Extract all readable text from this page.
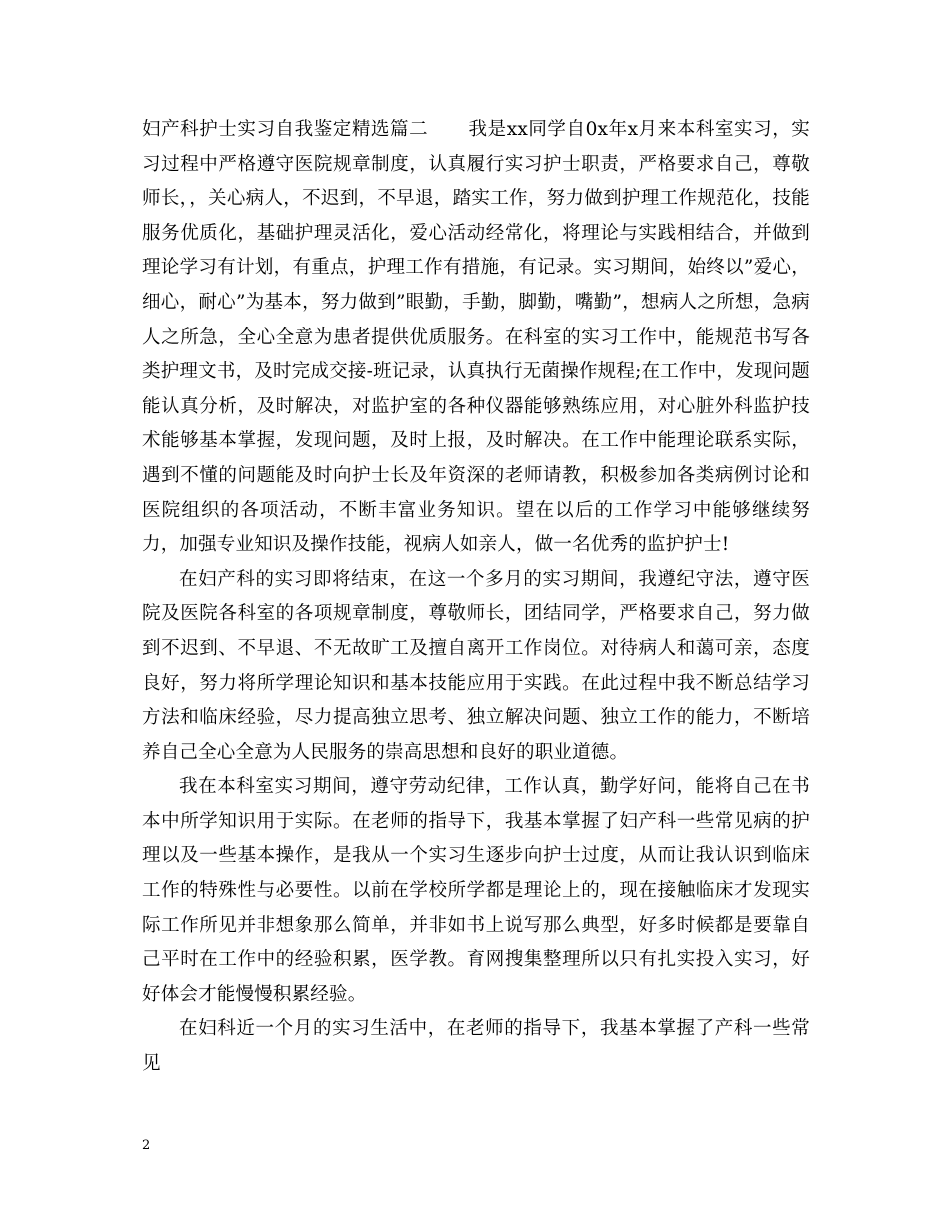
妇产科护士实习自我鉴定精选篇二 我是xx同学自0x年x月来本科室实习，实习过程中严格遵守医院规章制度，认真履行实习护士职责，严格要求自己，尊敬师长，，关心病人，不迟到，不早退，踏实工作，努力做到护理工作规范化，技能服务优质化，基础护理灵活化，爱心活动经常化，将理论与实践相结合，并做到理论学习有计划，有重点，护理工作有措施，有记录。实习期间，始终以”爱心，细心，耐心”为基本，努力做到”眼勤，手勤，脚勤，嘴勤”，想病人之所想，急病人之所急，全心全意为患者提供优质服务。在科室的实习工作中，能规范书写各类护理文书，及时完成交接-班记录，认真执行无菌操作规程;在工作中，发现问题能认真分析，及时解决，对监护室的各种仪器能够熟练应用，对心脏外科监护技术能够基本掌握，发现问题，及时上报，及时解决。在工作中能理论联系实际，遇到不懂的问题能及时向护士长及年资深的老师请教，积极参加各类病例讨论和医院组织的各项活动，不断丰富业务知识。望在以后的工作学习中能够继续努力，加强专业知识及操作技能，视病人如亲人，做一名优秀的监护护士!

在妇产科的实习即将结束，在这一个多月的实习期间，我遵纪守法，遵守医院及医院各科室的各项规章制度，尊敬师长，团结同学，严格要求自己，努力做到不迟到、不早退、不无故旷工及擅自离开工作岗位。对待病人和蔼可亲，态度良好，努力将所学理论知识和基本技能应用于实践。在此过程中我不断总结学习方法和临床经验，尽力提高独立思考、独立解决问题、独立工作的能力，不断培养自己全心全意为人民服务的崇高思想和良好的职业道德。

我在本科室实习期间，遵守劳动纪律，工作认真，勤学好问，能将自己在书本中所学知识用于实际。在老师的指导下，我基本掌握了妇产科一些常见病的护理以及一些基本操作，是我从一个实习生逐步向护士过度，从而让我认识到临床工作的特殊性与必要性。以前在学校所学都是理论上的，现在接触临床才发现实际工作所见并非想象那么简单，并非如书上说写那么典型，好多时候都是要靠自己平时在工作中的经验积累，医学教。育网搜集整理所以只有扎实投入实习，好好体会才能慢慢积累经验。

在妇科近一个月的实习生活中，在老师的指导下，我基本掌握了产科一些常见

2
